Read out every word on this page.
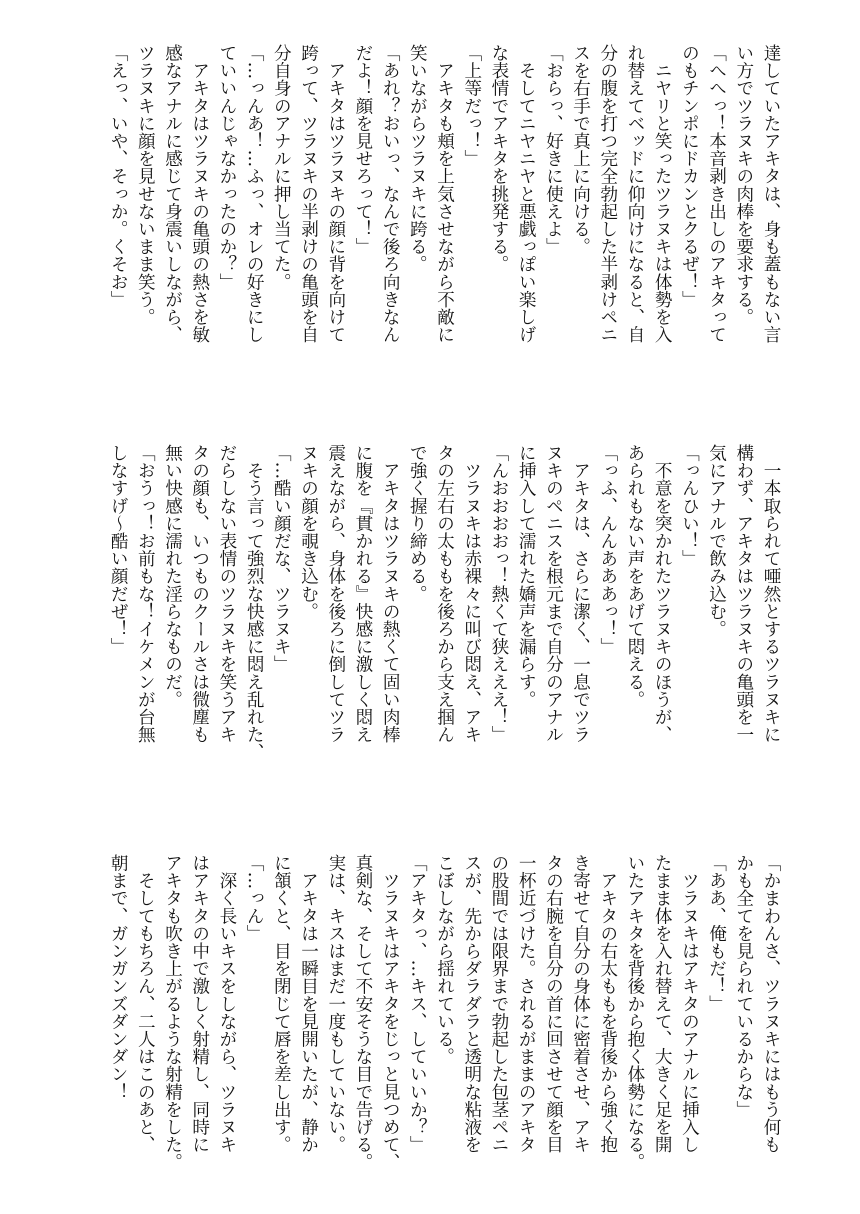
達していたアキタは、身も蓋もない言
い方でツラヌキの肉棒を要求する。
「へへっ！本音剥き出しのアキタって
のもチンポにドカンとクるぜ！」
　ニヤリと笑ったツラヌキは体勢を入
れ替えてベッドに仰向けになると、自
分の腹を打つ完全勃起した半剥けペニ
スを右手で真上に向ける。
「おらっ、好きに使えよ」
　そしてニヤニヤと悪戯っぽい楽しげ
な表情でアキタを挑発する。
「上等だっ！」
　アキタも頬を上気させながら不敵に
笑いながらツラヌキに跨る。
「あれ？おいっ、なんで後ろ向きなん
だよ！顔を見せろって！」
　アキタはツラヌキの顔に背を向けて
跨って、ツラヌキの半剥けの亀頭を自
分自身のアナルに押し当てた。
「…っんあ！…ふっ、オレの好きにし
ていいんじゃなかったのか？」
　アキタはツラヌキの亀頭の熱さを敏
感なアナルに感じて身震いしながら、
ツラヌキに顔を見せないまま笑う。
「えっ、いや、そっか。くそお」
　一本取られて唖然とするツラヌキに
構わず、アキタはツラヌキの亀頭を一
気にアナルで飲み込む。
「っんひい！」
　不意を突かれたツラヌキのほうが、
あられもない声をあげて悶える。
「っふ、んんあああっ！」
　アキタは、さらに潔く、一息でツラ
ヌキのペニスを根元まで自分のアナル
に挿入して濡れた嬌声を漏らす。
「んおおおおっ！熱くて狭えええ！」
　ツラヌキは赤裸々に叫び悶え、アキ
タの左右の太ももを後ろから支え掴ん
で強く握り締める。
　アキタはツラヌキの熱くて固い肉棒
に腹を『貫かれる』快感に激しく悶え
震えながら、身体を後ろに倒してツラ
ヌキの顔を覗き込む。
「…酷い顔だな、ツラヌキ」
　そう言って強烈な快感に悶え乱れた、
だらしない表情のツラヌキを笑うアキ
タの顔も、いつものクールさは微塵も
無い快感に濡れた淫らなものだ。
「おうっ！お前もな！イケメンが台無
しなすげ～酷い顔だぜ！」
「かまわんさ、ツラヌキにはもう何も
かも全てを見られているからな」
「ああ、俺もだ！」
　ツラヌキはアキタのアナルに挿入し
たまま体を入れ替えて、大きく足を開
いたアキタを背後から抱く体勢になる。
　アキタの右太ももを背後から強く抱
き寄せて自分の身体に密着させ、アキ
タの右腕を自分の首に回させて顔を目
一杯近づけた。されるがままのアキタ
の股間では限界まで勃起した包茎ペニ
スが、先からダラダラと透明な粘液を
こぼしながら揺れている。
「アキタっ、…キス、していいか？」
　ツラヌキはアキタをじっと見つめて、
真剣な、そして不安そうな目で告げる。
実は、キスはまだ一度もしていない。
　アキタは一瞬目を見開いたが、静か
に頷くと、目を閉じて唇を差し出す。
「…っん」
　深く長いキスをしながら、ツラヌキ
はアキタの中で激しく射精し、同時に
アキタも吹き上がるような射精をした。
　そしてもちろん、二人はこのあと、
朝まで、ガンガンズダンダン！
